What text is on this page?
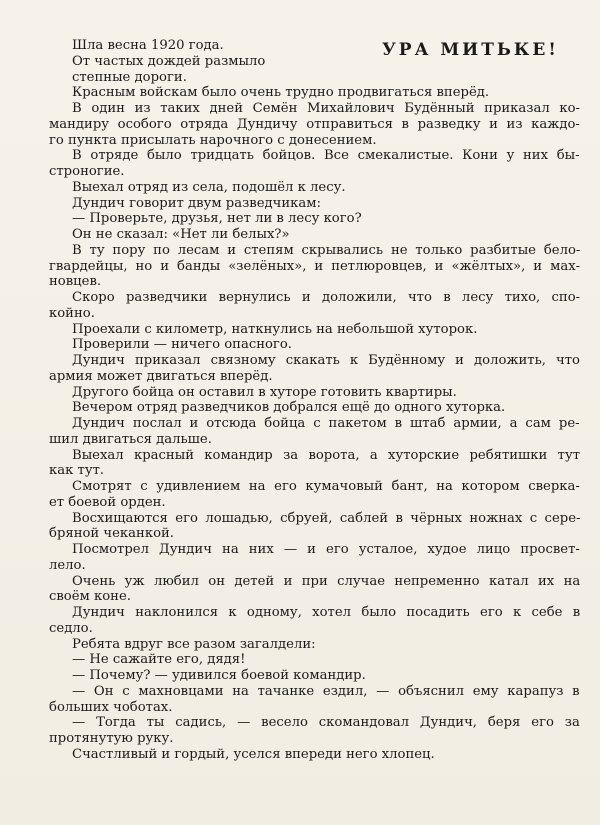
УРА МИТЬКЕ!
Шла весна 1920 года.
От частых дождей размыло
степные дороги.
Красным войскам было очень трудно продвигаться вперёд.
В один из таких дней Семён Михайлович Будённый приказал ко-
мандиру особого отряда Дундичу отправиться в разведку и из каждо-
го пункта присылать нарочного с донесением.
В отряде было тридцать бойцов. Все смекалистые. Кони у них бы-
строногие.
Выехал отряд из села, подошёл к лесу.
Дундич говорит двум разведчикам:
— Проверьте, друзья, нет ли в лесу кого?
Он не сказал: «Нет ли белых?»
В ту пору по лесам и степям скрывались не только разбитые бело-
гвардейцы, но и банды «зелёных», и петлюровцев, и «жёлтых», и мах-
новцев.
Скоро разведчики вернулись и доложили, что в лесу тихо, спо-
койно.
Проехали с километр, наткнулись на небольшой хуторок.
Проверили — ничего опасного.
Дундич приказал связному скакать к Будённому и доложить, что
армия может двигаться вперёд.
Другого бойца он оставил в хуторе готовить квартиры.
Вечером отряд разведчиков добрался ещё до одного хуторка.
Дундич послал и отсюда бойца с пакетом в штаб армии, а сам ре-
шил двигаться дальше.
Выехал красный командир за ворота, а хуторские ребятишки тут
как тут.
Смотрят с удивлением на его кумачовый бант, на котором сверка-
ет боевой орден.
Восхищаются его лошадью, сбруей, саблей в чёрных ножнах с сере-
бряной чеканкой.
Посмотрел Дундич на них — и его усталое, худое лицо просвет-
лело.
Очень уж любил он детей и при случае непременно катал их на
своём коне.
Дундич наклонился к одному, хотел было посадить его к себе в
седло.
Ребята вдруг все разом загалдели:
— Не сажайте его, дядя!
— Почему? — удивился боевой командир.
— Он с махновцами на тачанке ездил, — объяснил ему карапуз в
больших чоботах.
— Тогда ты садись, — весело скомандовал Дундич, беря его за
протянутую руку.
Счастливый и гордый, уселся впереди него хлопец.
